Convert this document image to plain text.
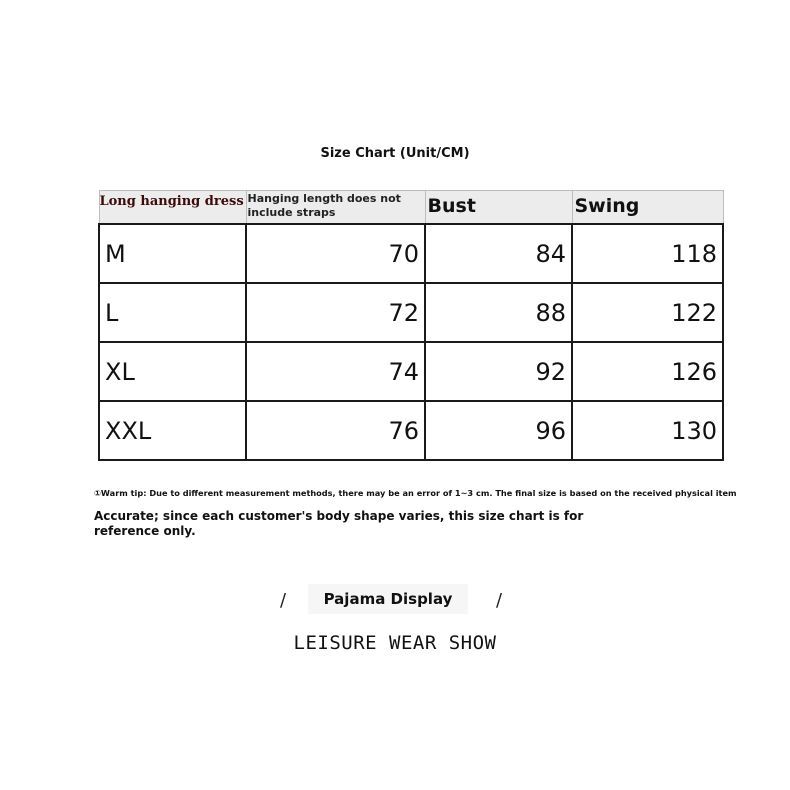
Size Chart (Unit/CM)
Long hanging dress	Hanging length does not include straps	Bust	Swing

M	70	84	118
L	72	88	122
XL	74	92	126
XXL	76	96	130
①Warm tip: Due to different measurement methods, there may be an error of 1~3 cm. The final size is based on the received physical item
Accurate; since each customer's body shape varies, this size chart is for reference only.
/	Pajama Display	/
LEISURE WEAR SHOW
